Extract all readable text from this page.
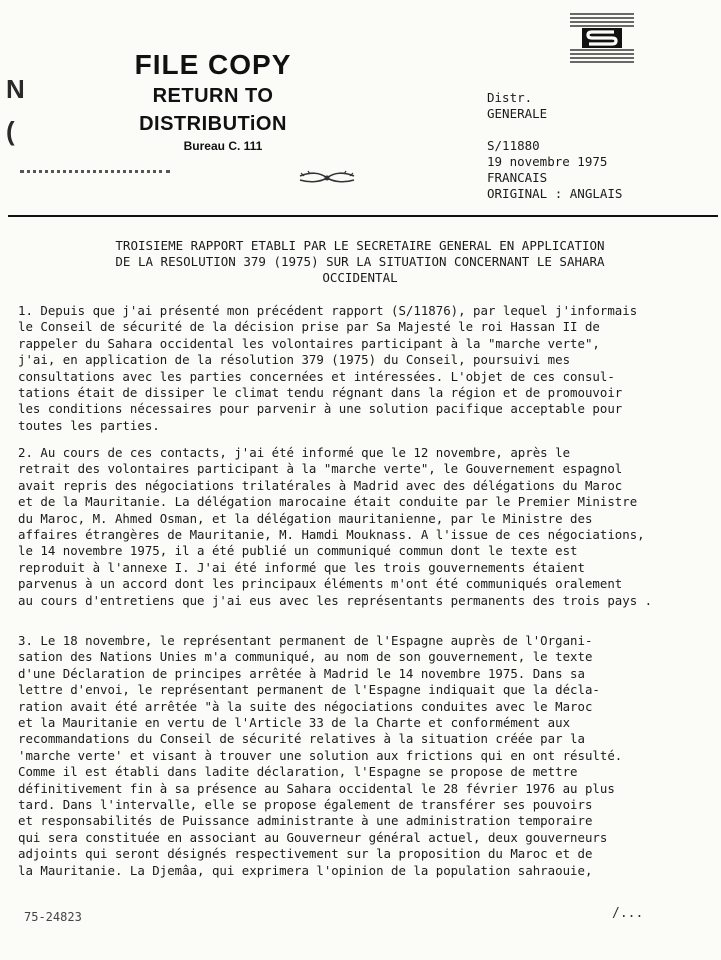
N
(
FILE COPY
RETURN TO
DISTRIBUTiON
Bureau C. 111
Distr.
GENERALE
S/11880
19 novembre 1975
FRANCAIS
ORIGINAL : ANGLAIS
TROISIEME RAPPORT ETABLI PAR LE SECRETAIRE GENERAL EN APPLICATION
DE LA RESOLUTION 379 (1975) SUR LA SITUATION CONCERNANT LE SAHARA
OCCIDENTAL
1. Depuis que j'ai présenté mon précédent rapport (S/11876), par lequel j'informais
le Conseil de sécurité de la décision prise par Sa Majesté le roi Hassan II de
rappeler du Sahara occidental les volontaires participant à la "marche verte",
j'ai, en application de la résolution 379 (1975) du Conseil, poursuivi mes
consultations avec les parties concernées et intéressées. L'objet de ces consul-
tations était de dissiper le climat tendu régnant dans la région et de promouvoir
les conditions nécessaires pour parvenir à une solution pacifique acceptable pour
toutes les parties.
2. Au cours de ces contacts, j'ai été informé que le 12 novembre, après le
retrait des volontaires participant à la "marche verte", le Gouvernement espagnol
avait repris des négociations trilatérales à Madrid avec des délégations du Maroc
et de la Mauritanie. La délégation marocaine était conduite par le Premier Ministre
du Maroc, M. Ahmed Osman, et la délégation mauritanienne, par le Ministre des
affaires étrangères de Mauritanie, M. Hamdi Mouknass. A l'issue de ces négociations,
le 14 novembre 1975, il a été publié un communiqué commun dont le texte est
reproduit à l'annexe I. J'ai été informé que les trois gouvernements étaient
parvenus à un accord dont les principaux éléments m'ont été communiqués oralement
au cours d'entretiens que j'ai eus avec les représentants permanents des trois pays .
3. Le 18 novembre, le représentant permanent de l'Espagne auprès de l'Organi-
sation des Nations Unies m'a communiqué, au nom de son gouvernement, le texte
d'une Déclaration de principes arrêtée à Madrid le 14 novembre 1975. Dans sa
lettre d'envoi, le représentant permanent de l'Espagne indiquait que la décla-
ration avait été arrêtée "à la suite des négociations conduites avec le Maroc
et la Mauritanie en vertu de l'Article 33 de la Charte et conformément aux
recommandations du Conseil de sécurité relatives à la situation créée par la
'marche verte' et visant à trouver une solution aux frictions qui en ont résulté.
Comme il est établi dans ladite déclaration, l'Espagne se propose de mettre
définitivement fin à sa présence au Sahara occidental le 28 février 1976 au plus
tard. Dans l'intervalle, elle se propose également de transférer ses pouvoirs
et responsabilités de Puissance administrante à une administration temporaire
qui sera constituée en associant au Gouverneur général actuel, deux gouverneurs
adjoints qui seront désignés respectivement sur la proposition du Maroc et de
la Mauritanie. La Djemâa, qui exprimera l'opinion de la population sahraouie,
75-24823	/...
